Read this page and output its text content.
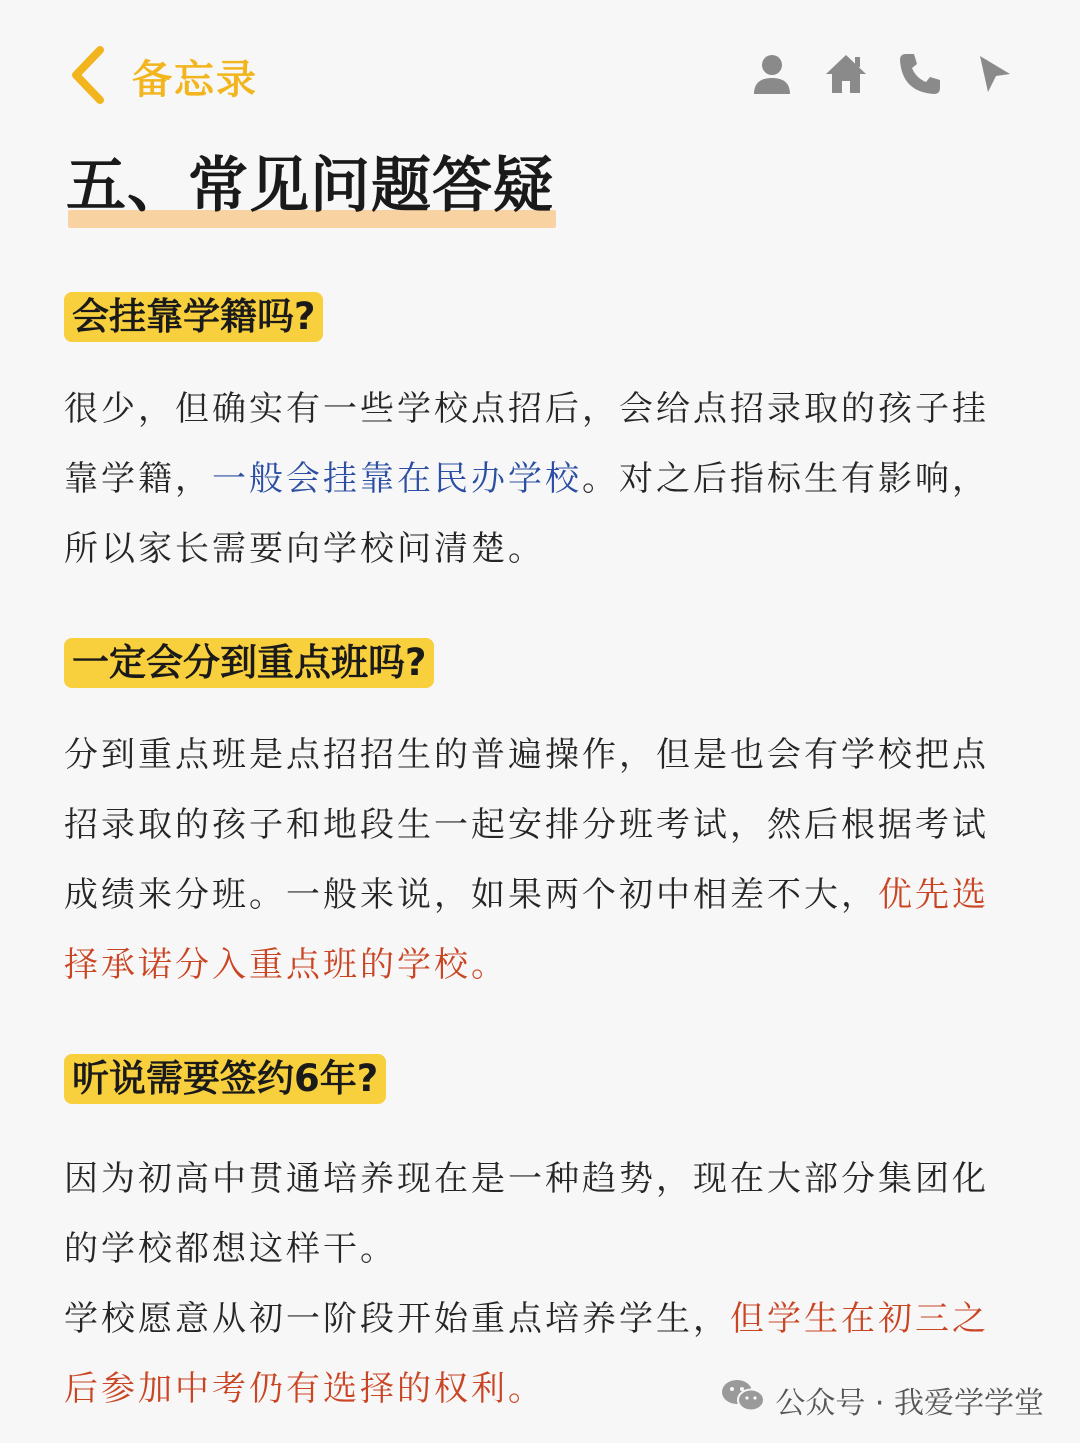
备忘录
五、常见问题答疑
会挂靠学籍吗?
很少，但确实有一些学校点招后，会给点招录取的孩子挂靠学籍，一般会挂靠在民办学校。对之后指标生有影响，所以家长需要向学校问清楚。
一定会分到重点班吗?
分到重点班是点招招生的普遍操作，但是也会有学校把点招录取的孩子和地段生一起安排分班考试，然后根据考试成绩来分班。一般来说，如果两个初中相差不大，优先选择承诺分入重点班的学校。
听说需要签约6年?
因为初高中贯通培养现在是一种趋势，现在大部分集团化的学校都想这样干。
学校愿意从初一阶段开始重点培养学生，但学生在初三之后参加中考仍有选择的权利。	公众号 · 我爱学学堂
